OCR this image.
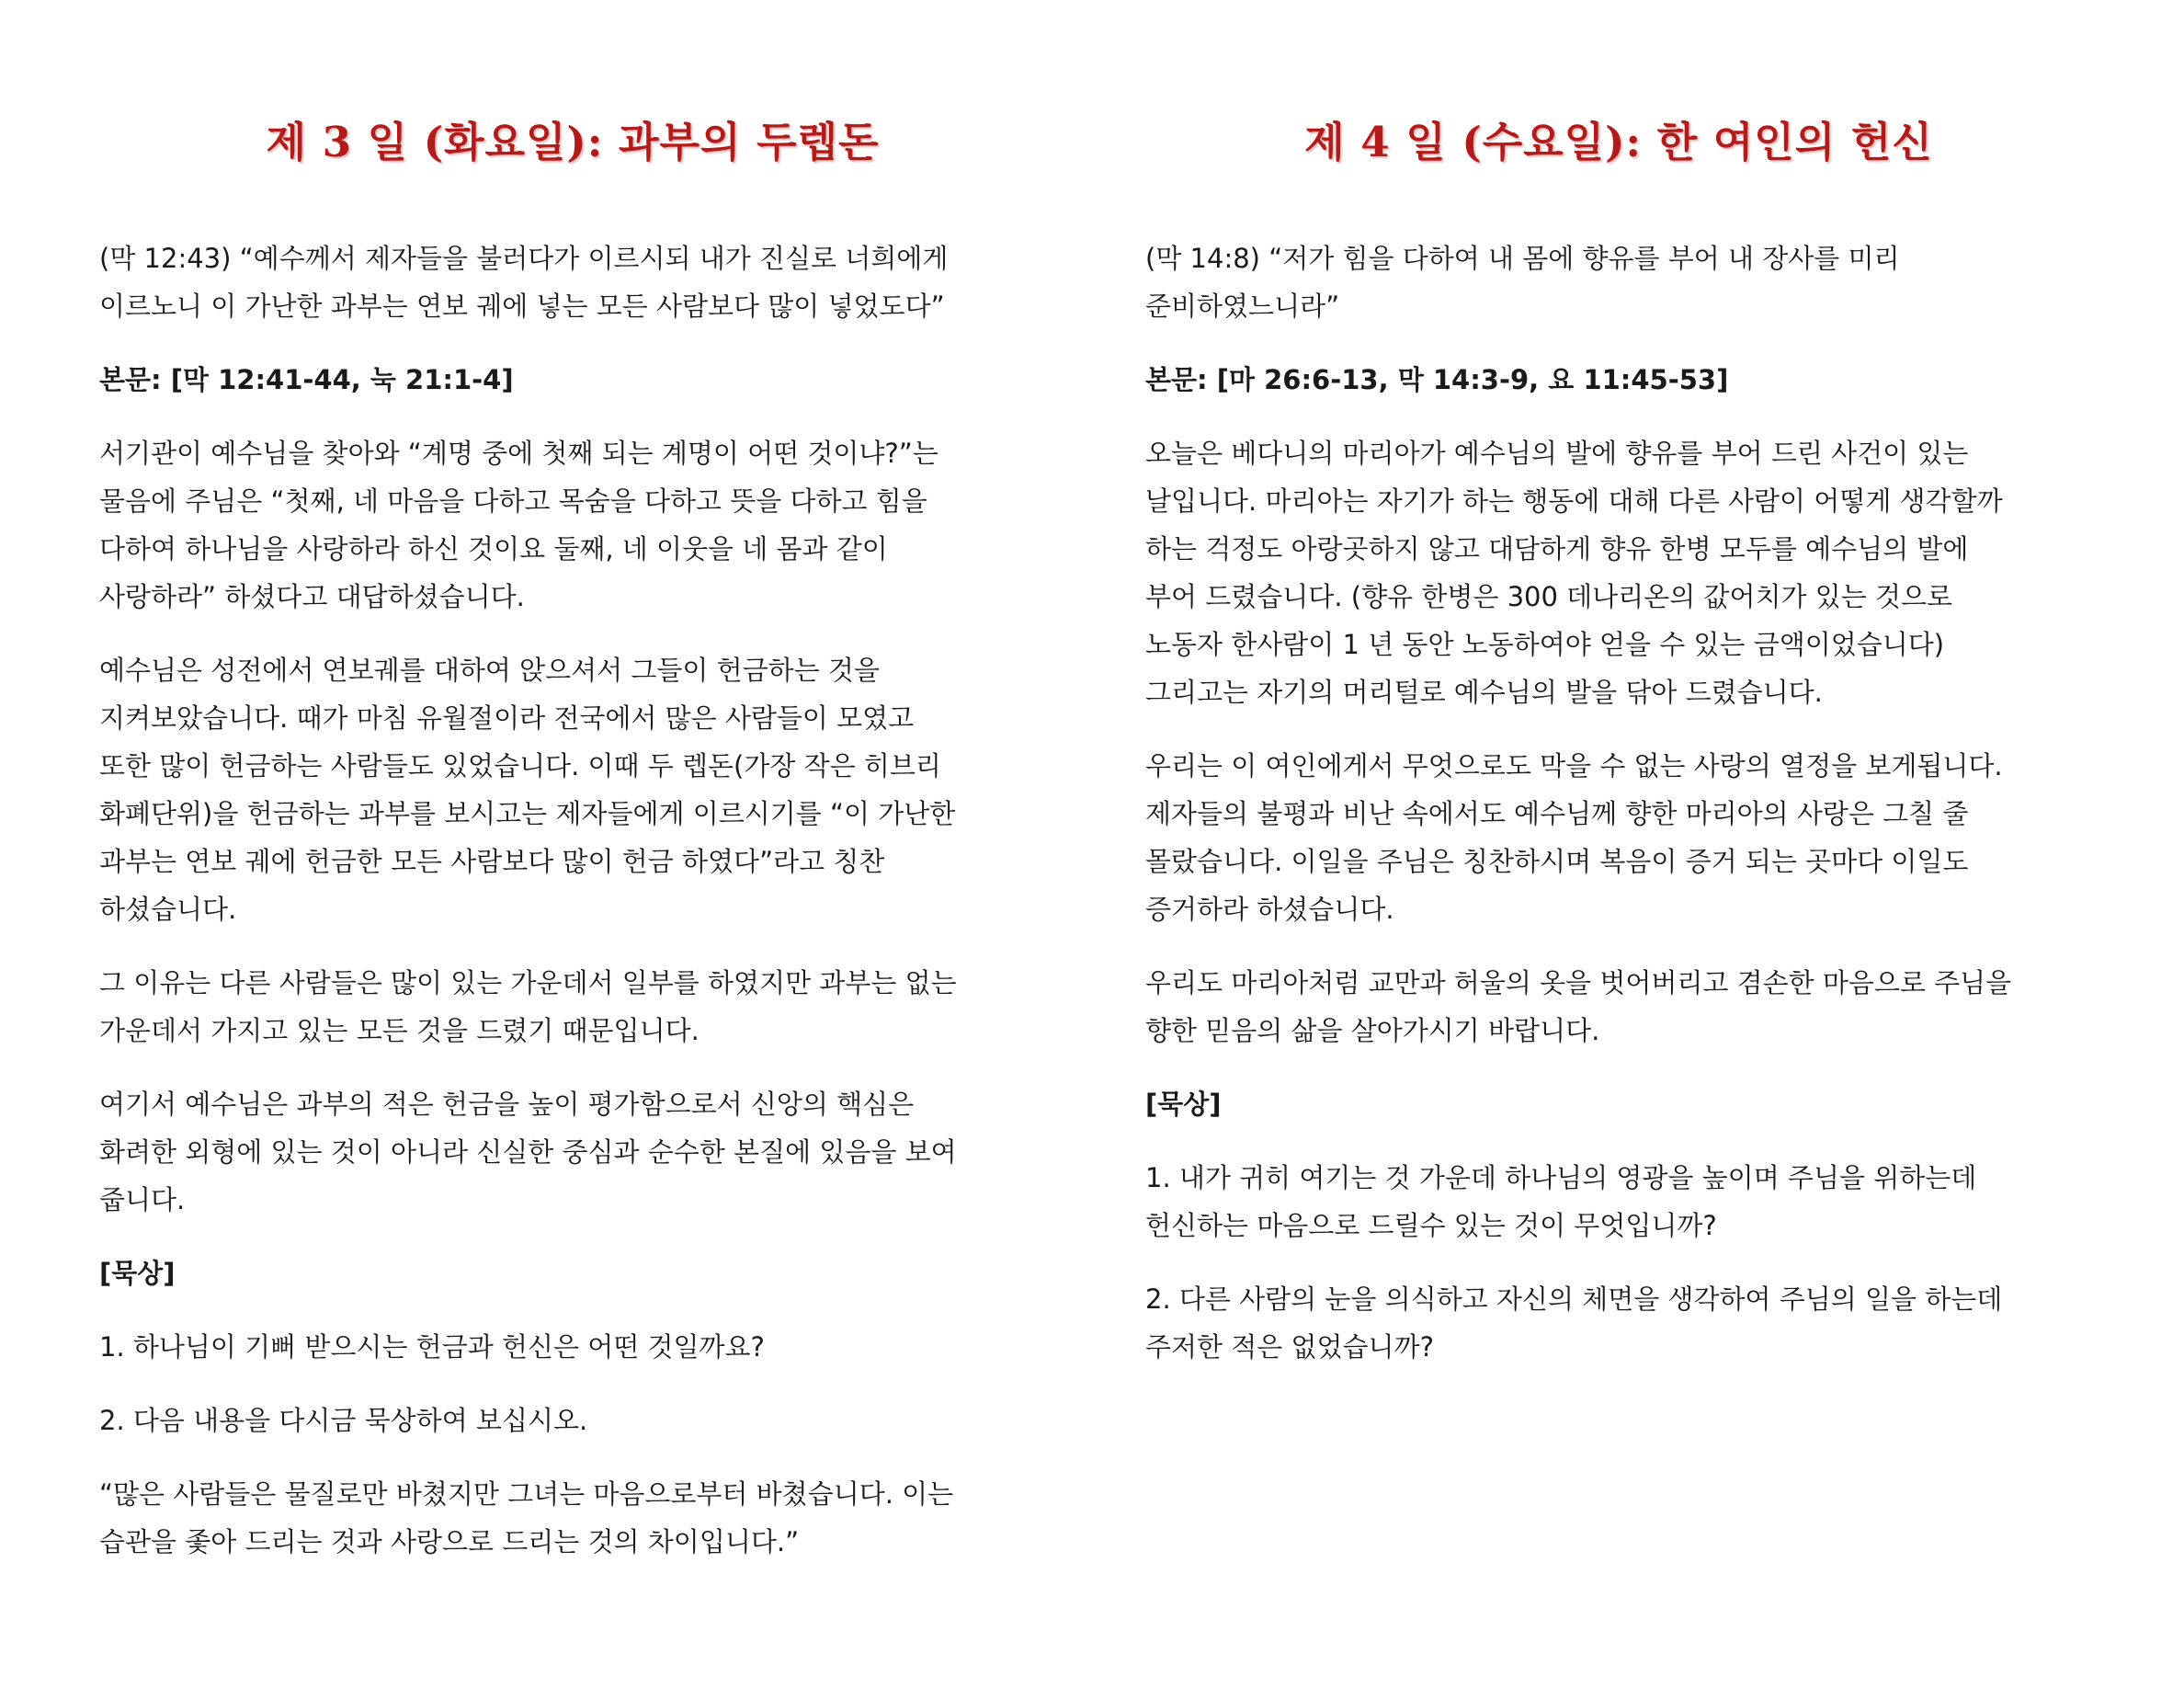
제 3 일 (화요일): 과부의 두렙돈

(막 12:43) “예수께서 제자들을 불러다가 이르시되 내가 진실로 너희에게
이르노니 이 가난한 과부는 연보 궤에 넣는 모든 사람보다 많이 넣었도다”

본문: [막 12:41-44, 눅 21:1-4]

서기관이 예수님을 찾아와 “계명 중에 첫째 되는 계명이 어떤 것이냐?”는
물음에 주님은 “첫째, 네 마음을 다하고 목숨을 다하고 뜻을 다하고 힘을
다하여 하나님을 사랑하라 하신 것이요 둘째, 네 이웃을 네 몸과 같이
사랑하라” 하셨다고 대답하셨습니다.

예수님은 성전에서 연보궤를 대하여 앉으셔서 그들이 헌금하는 것을
지켜보았습니다. 때가 마침 유월절이라 전국에서 많은 사람들이 모였고
또한 많이 헌금하는 사람들도 있었습니다. 이때 두 렙돈(가장 작은 히브리
화폐단위)을 헌금하는 과부를 보시고는 제자들에게 이르시기를 “이 가난한
과부는 연보 궤에 헌금한 모든 사람보다 많이 헌금 하였다”라고 칭찬
하셨습니다.

그 이유는 다른 사람들은 많이 있는 가운데서 일부를 하였지만 과부는 없는
가운데서 가지고 있는 모든 것을 드렸기 때문입니다.

여기서 예수님은 과부의 적은 헌금을 높이 평가함으로서 신앙의 핵심은
화려한 외형에 있는 것이 아니라 신실한 중심과 순수한 본질에 있음을 보여
줍니다.

[묵상]

1. 하나님이 기뻐 받으시는 헌금과 헌신은 어떤 것일까요?

2. 다음 내용을 다시금 묵상하여 보십시오.

“많은 사람들은 물질로만 바쳤지만 그녀는 마음으로부터 바쳤습니다. 이는
습관을 좇아 드리는 것과 사랑으로 드리는 것의 차이입니다.”

제 4 일 (수요일): 한 여인의 헌신

(막 14:8) “저가 힘을 다하여 내 몸에 향유를 부어 내 장사를 미리
준비하였느니라”

본문: [마 26:6-13, 막 14:3-9, 요 11:45-53]

오늘은 베다니의 마리아가 예수님의 발에 향유를 부어 드린 사건이 있는
날입니다. 마리아는 자기가 하는 행동에 대해 다른 사람이 어떻게 생각할까
하는 걱정도 아랑곳하지 않고 대담하게 향유 한병 모두를 예수님의 발에
부어 드렸습니다. (향유 한병은 300 데나리온의 값어치가 있는 것으로
노동자 한사람이 1 년 동안 노동하여야 얻을 수 있는 금액이었습니다)
그리고는 자기의 머리털로 예수님의 발을 닦아 드렸습니다.

우리는 이 여인에게서 무엇으로도 막을 수 없는 사랑의 열정을 보게됩니다.
제자들의 불평과 비난 속에서도 예수님께 향한 마리아의 사랑은 그칠 줄
몰랐습니다. 이일을 주님은 칭찬하시며 복음이 증거 되는 곳마다 이일도
증거하라 하셨습니다.

우리도 마리아처럼 교만과 허울의 옷을 벗어버리고 겸손한 마음으로 주님을
향한 믿음의 삶을 살아가시기 바랍니다.

[묵상]

1. 내가 귀히 여기는 것 가운데 하나님의 영광을 높이며 주님을 위하는데
헌신하는 마음으로 드릴수 있는 것이 무엇입니까?

2. 다른 사람의 눈을 의식하고 자신의 체면을 생각하여 주님의 일을 하는데
주저한 적은 없었습니까?
